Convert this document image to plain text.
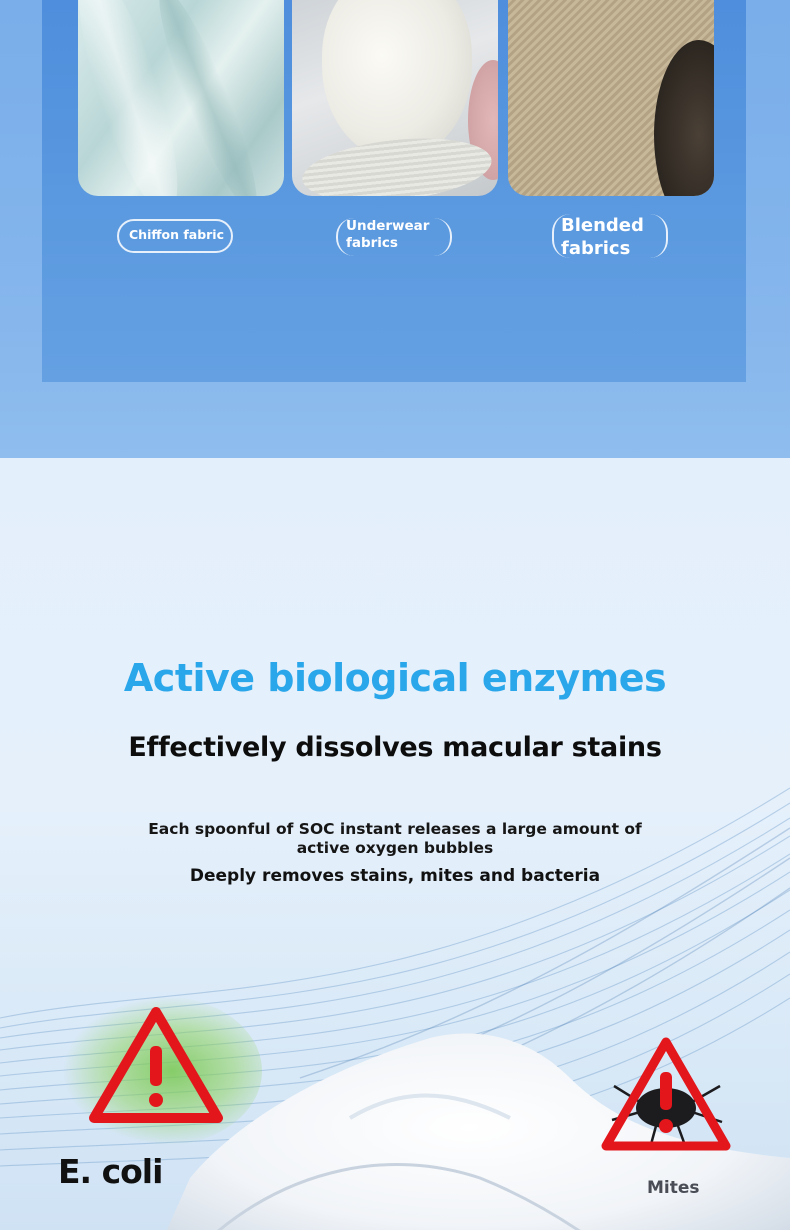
Chiffon fabric
Underwear
fabrics
Blended
fabrics
Active biological enzymes
Effectively dissolves macular stains
Each spoonful of SOC instant releases a large amount of active oxygen bubbles
Deeply removes stains, mites and bacteria
E. coli	Mites
